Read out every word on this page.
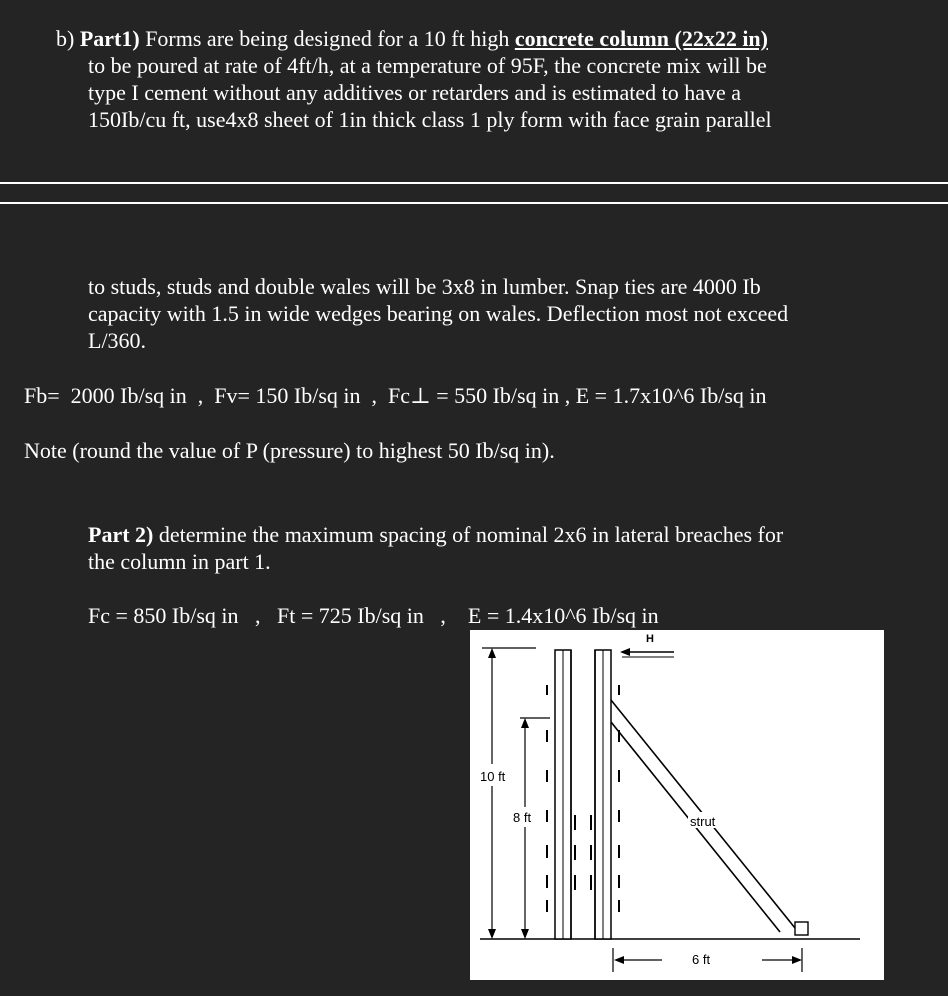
b) Part1) Forms are being designed for a 10 ft high concrete column (22x22 in)
to be poured at rate of 4ft/h, at a temperature of 95F, the concrete mix will be
type I cement without any additives or retarders and is estimated to have a
150Ib/cu ft, use4x8 sheet of 1in thick class 1 ply form with face grain parallel
to studs, studs and double wales will be 3x8 in lumber. Snap ties are 4000 Ib
capacity with 1.5 in wide wedges bearing on wales. Deflection most not exceed
L/360.
Fb=  2000 Ib/sq in  ,  Fv= 150 Ib/sq in  ,  Fc⊥ = 550 Ib/sq in , E = 1.7x10^6 Ib/sq in
Note (round the value of P (pressure) to highest 50 Ib/sq in).
Part 2) determine the maximum spacing of nominal 2x6 in lateral breaches for
the column in part 1.
Fc = 850 Ib/sq in   ,   Ft = 725 Ib/sq in   ,    E = 1.4x10^6 Ib/sq in
10 ft
8 ft
H
strut
6 ft
